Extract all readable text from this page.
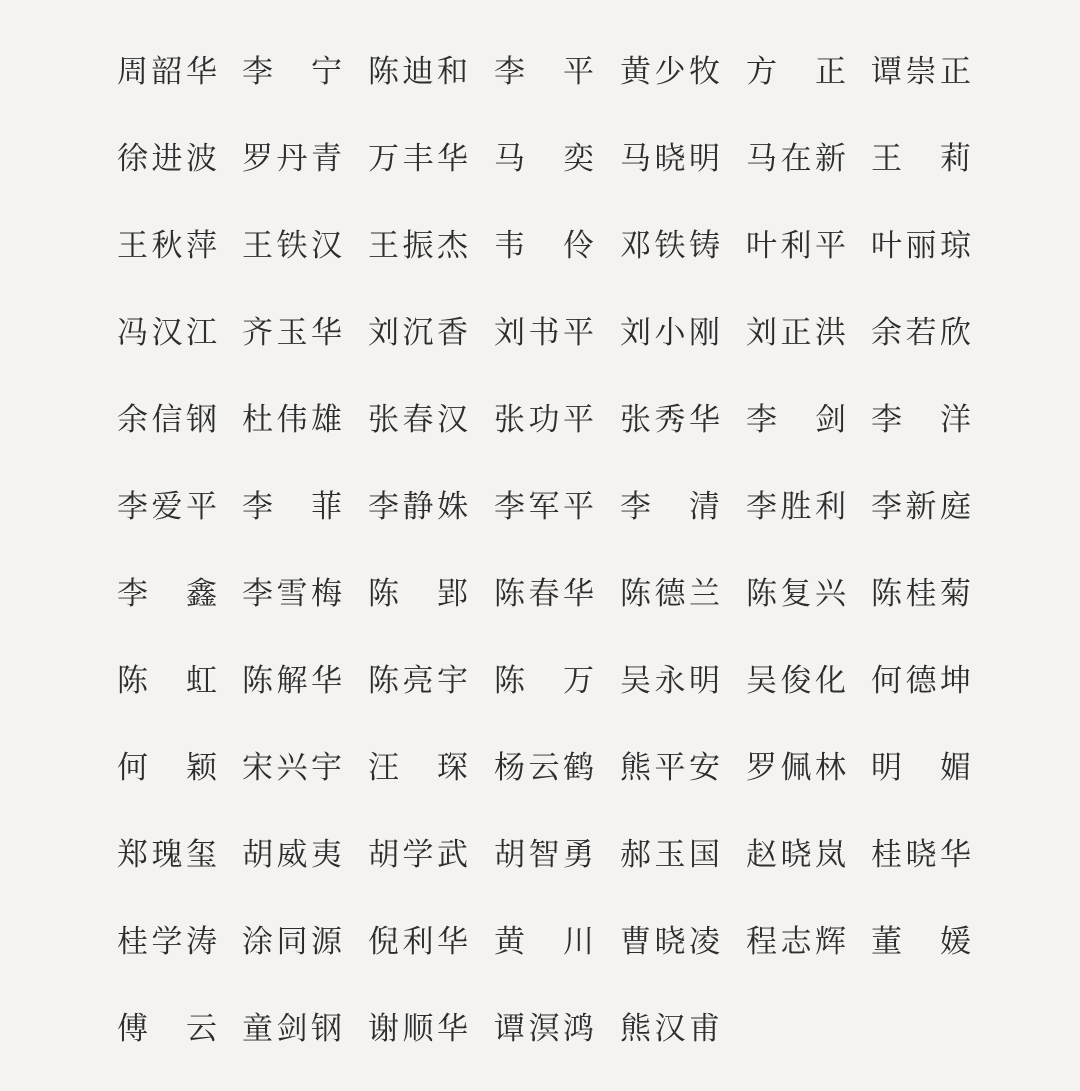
周韶华 李　宁 陈迪和 李　平 黄少牧 方　正 谭崇正
徐进波 罗丹青 万丰华 马　奕 马晓明 马在新 王　莉
王秋萍 王铁汉 王振杰 韦　伶 邓铁铸 叶利平 叶丽琼
冯汉江 齐玉华 刘沉香 刘书平 刘小刚 刘正洪 余若欣
余信钢 杜伟雄 张春汉 张功平 张秀华 李　剑 李　洋
李爱平 李　菲 李静姝 李军平 李　清 李胜利 李新庭
李　鑫 李雪梅 陈　郢 陈春华 陈德兰 陈复兴 陈桂菊
陈　虹 陈解华 陈亮宇 陈　万 吴永明 吴俊化 何德坤
何　颖 宋兴宇 汪　琛 杨云鹤 熊平安 罗佩林 明　媚
郑瑰玺 胡威夷 胡学武 胡智勇 郝玉国 赵晓岚 桂晓华
桂学涛 涂同源 倪利华 黄　川 曹晓凌 程志辉 董　媛
傅　云 童剑钢 谢顺华 谭溟鸿 熊汉甫
